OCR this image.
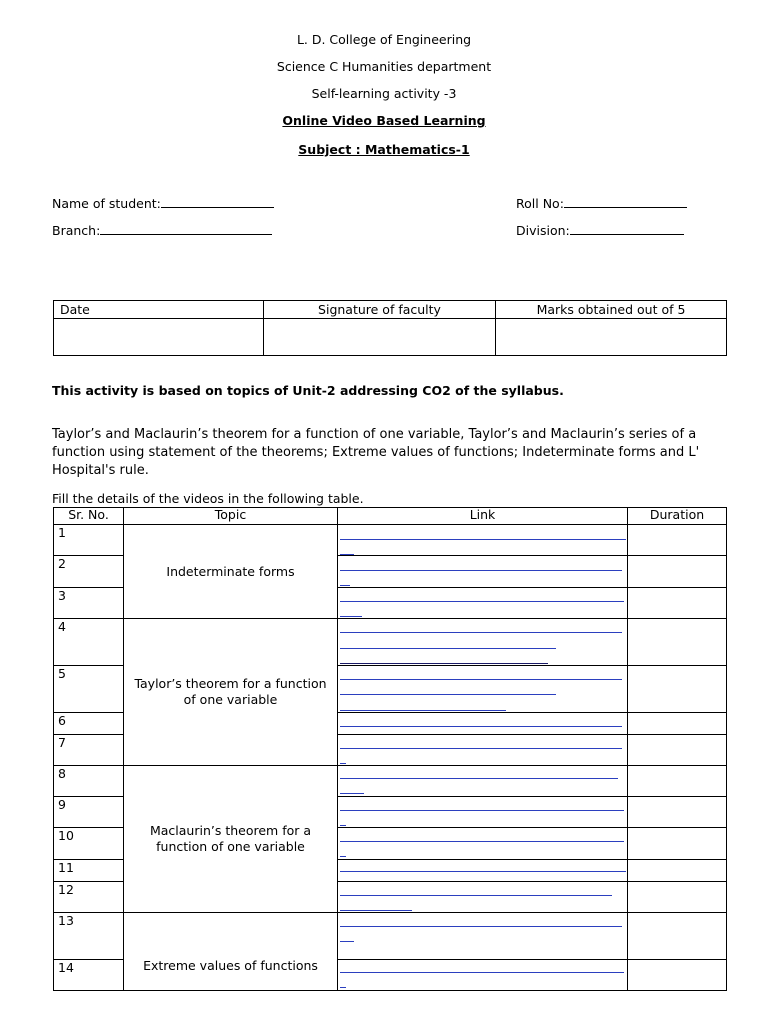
L. D. College of Engineering
Science C Humanities department
Self-learning activity -3
Online Video Based Learning
Subject : Mathematics-1
Name of student:	Roll No:
Branch:	Division:
Date	Signature of faculty	Marks obtained out of 5

This activity is based on topics of Unit-2 addressing CO2 of the syllabus.
Taylor’s and Maclaurin’s theorem for a function of one variable, Taylor’s and Maclaurin’s series of a function using statement of the theorems; Extreme values of functions; Indeterminate forms and L' Hospital's rule.
Fill the details of the videos in the following table.
Sr. No.	Topic	Link	Duration
1	Indeterminate forms	

2		

3		

4	Taylor’s theorem for a function of one variable	

5		

6		

7		

8	Maclaurin’s theorem for a function of one variable	

9		

10		

11		

12		

13	Extreme values of functions	

14		
